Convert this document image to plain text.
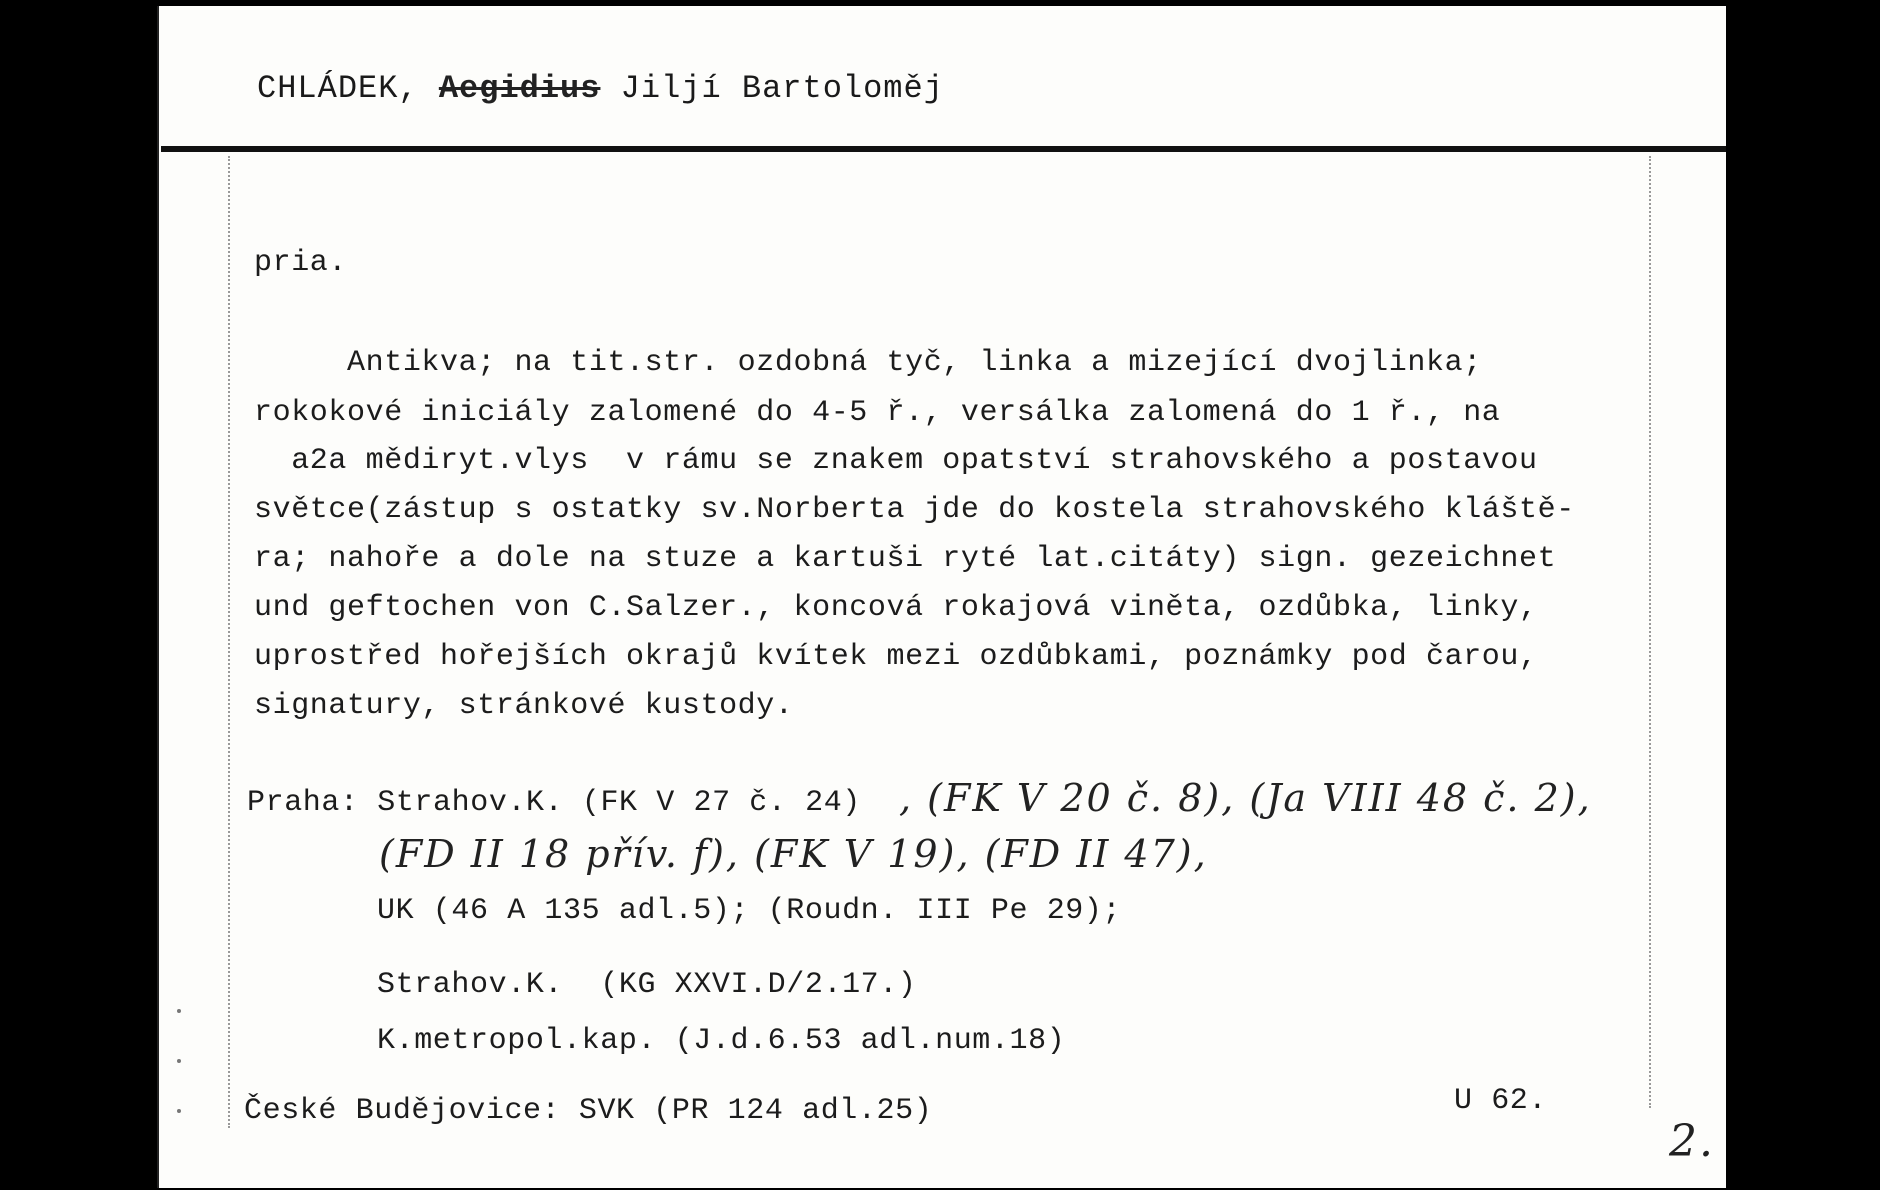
CHLÁDEK, Aegidius Jiljí Bartoloměj
pria.
Antikva; na tit.str. ozdobná tyč, linka a mizející dvojlinka;
rokokové iniciály zalomené do 4-5 ř., versálka zalomená do 1 ř., na
a2a mědiryt.vlys  v rámu se znakem opatství strahovského a postavou
světce(zástup s ostatky sv.Norberta jde do kostela strahovského kláště-
ra; nahoře a dole na stuze a kartuši ryté lat.citáty) sign. gezeichnet
und geftochen von C.Salzer., koncová rokajová viněta, ozdůbka, linky,
uprostřed hořejších okrajů kvítek mezi ozdůbkami, poznámky pod čarou,
signatury, stránkové kustody.
Praha: Strahov.K. (FK V 27 č. 24) , (FK V 20 č. 8), (Ja VIII 48 č. 2),
(FD II 18 přív. f), (FK V 19), (FD II 47),
UK (46 A 135 adl.5); (Roudn. III Pe 29);
Strahov.K.  (KG XXVI.D/2.17.)
K.metropol.kap. (J.d.6.53 adl.num.18)
České Budějovice: SVK (PR 124 adl.25)	U 62.
2.
